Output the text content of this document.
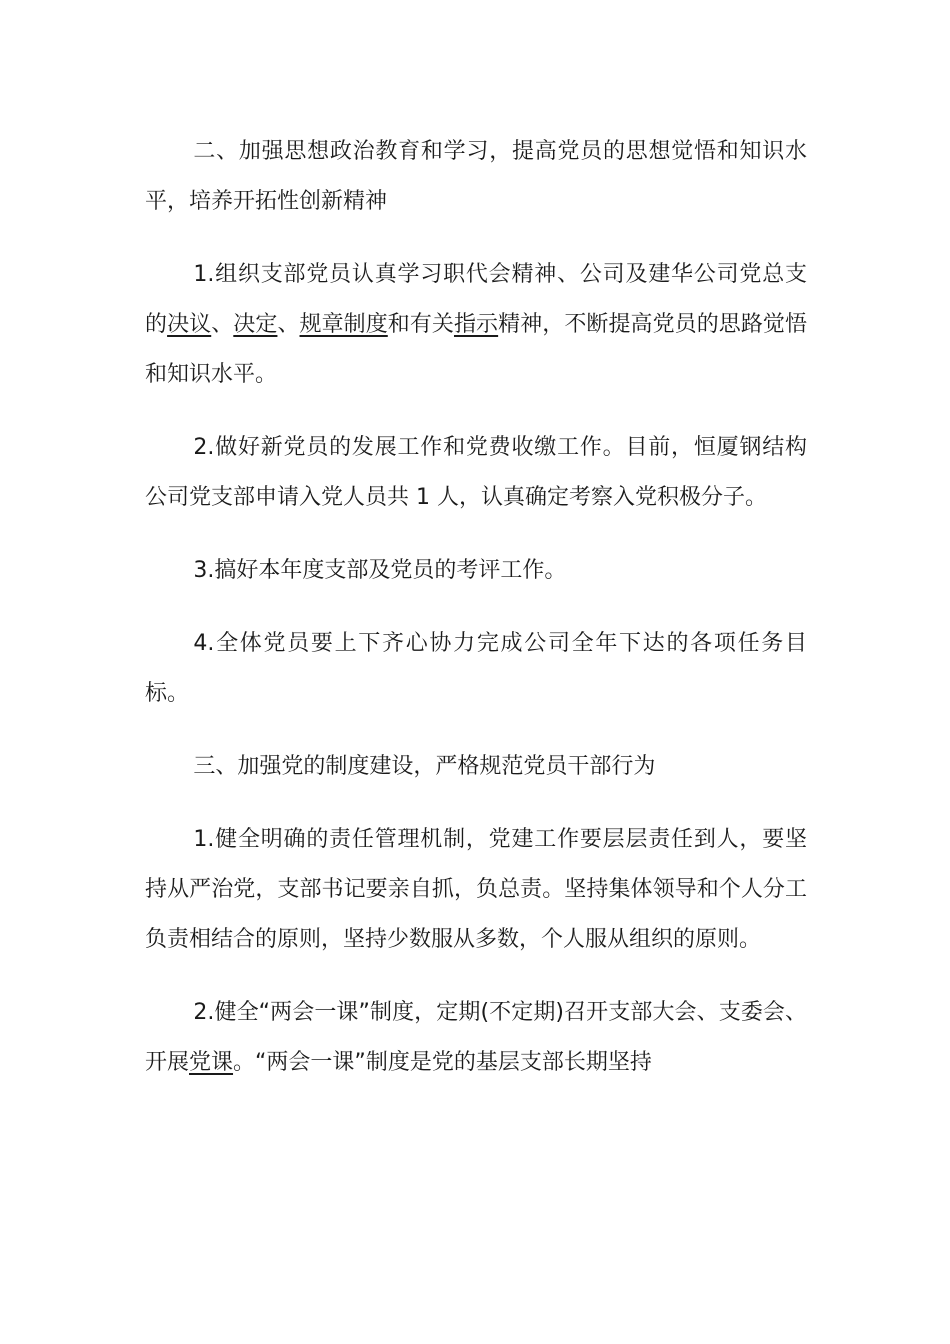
二、加强思想政治教育和学习，提高党员的思想觉悟和知识水平，培养开拓性创新精神

1.组织支部党员认真学习职代会精神、公司及建华公司党总支的决议、决定、规章制度和有关指示精神，不断提高党员的思路觉悟和知识水平。

2.做好新党员的发展工作和党费收缴工作。目前，恒厦钢结构公司党支部申请入党人员共 1 人，认真确定考察入党积极分子。

3.搞好本年度支部及党员的考评工作。

4.全体党员要上下齐心协力完成公司全年下达的各项任务目标。

三、加强党的制度建设，严格规范党员干部行为

1.健全明确的责任管理机制，党建工作要层层责任到人，要坚持从严治党，支部书记要亲自抓，负总责。坚持集体领导和个人分工负责相结合的原则，坚持少数服从多数，个人服从组织的原则。

2.健全“两会一课”制度，定期(不定期)召开支部大会、支委会、开展党课。“两会一课”制度是党的基层支部长期坚持
